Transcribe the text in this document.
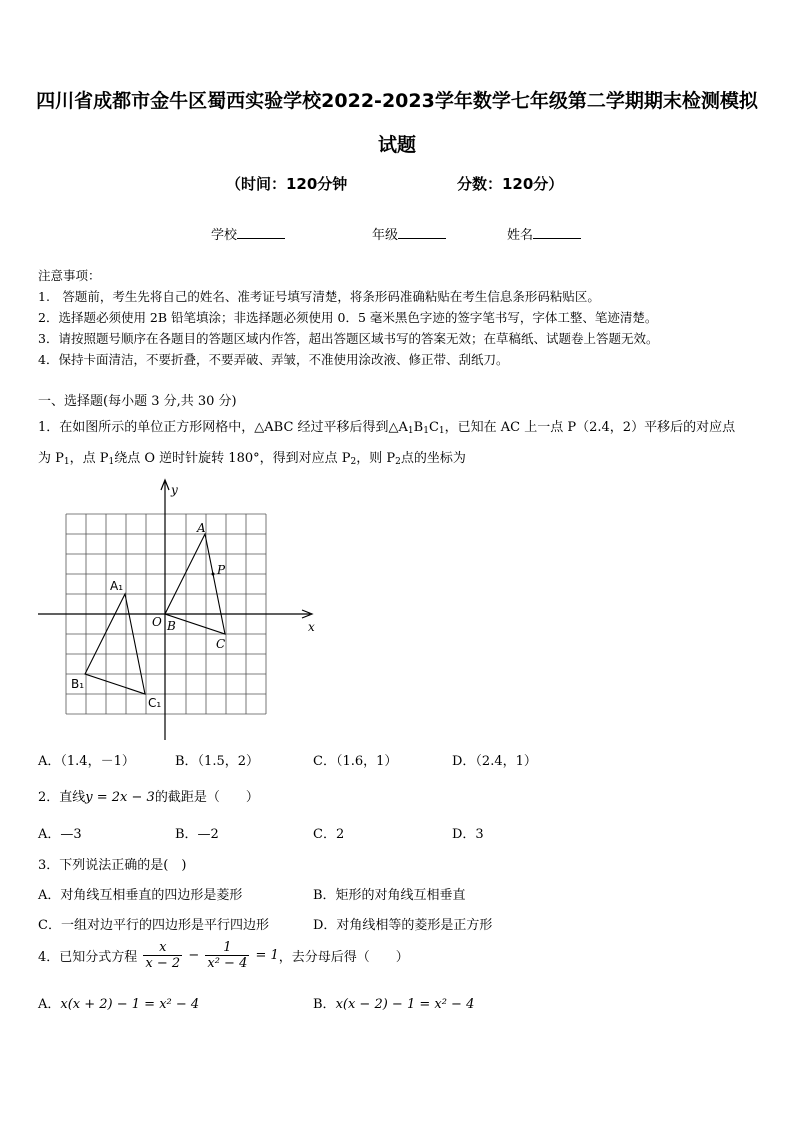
四川省成都市金牛区蜀西实验学校2022-2023学年数学七年级第二学期期末检测模拟
试题
（时间：120分钟	分数：120分）
学校	年级	姓名
注意事项：
1.　答题前，考生先将自己的姓名、准考证号填写清楚，将条形码准确粘贴在考生信息条形码粘贴区。
2．选择题必须使用 2B 铅笔填涂；非选择题必须使用 0．5 毫米黑色字迹的签字笔书写，字体工整、笔迹清楚。
3．请按照题号顺序在各题目的答题区域内作答，超出答题区域书写的答案无效；在草稿纸、试题卷上答题无效。
4．保持卡面清洁，不要折叠，不要弄破、弄皱，不准使用涂改液、修正带、刮纸刀。
一、选择题(每小题 3 分,共 30 分)
1．在如图所示的单位正方形网格中，△ABC 经过平移后得到$\triangle A_1B_1C_1$，已知在 AC 上一点 P（2.4，2）平移后的对应点
为 $P_1$，点 $P_1$绕点 O 逆时针旋转 180°，得到对应点 $P_2$，则 $P_2$点的坐标为
x
y
O B
A
C
P
A₁
B₁
C₁
A．（1.4，－1）	B．（1.5，2）	C．（1.6，1）	D．（2.4，1）
2．直线y = 2x − 3的截距是（　　）
A．—3	B．—2	C．2	D．3
3．下列说法正确的是(　)
A．对角线互相垂直的四边形是菱形	B．矩形的对角线互相垂直
C．一组对边平行的四边形是平行四边形	D．对角线相等的菱形是正方形
4．已知分式方程 $\frac{x}{x - 2} - \frac{1}{\text{x² − 4}} = 1$，去分母后得（　　）
A．x(x + 2) − 1 = x² − 4	B．x(x − 2) − 1 = x² − 4
